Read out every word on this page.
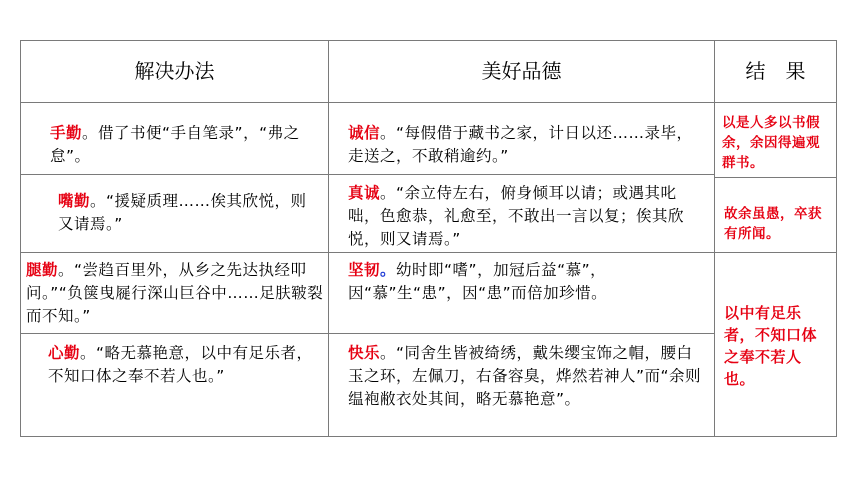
解决办法	美好品德	结　果
手勤。借了书便“手自笔录”，“弗之怠”。
诚信。“每假借于藏书之家，计日以还……录毕，走送之，不敢稍逾约。”
以是人多以书假余，余因得遍观群书。
嘴勤。“援疑质理……俟其欣悦，则又请焉。”
真诚。“余立侍左右，俯身倾耳以请；或遇其叱咄，色愈恭，礼愈至，不敢出一言以复；俟其欣悦，则又请焉。”
故余虽愚，卒获有所闻。
腿勤。“尝趋百里外，从乡之先达执经叩问。”“负箧曳屣行深山巨谷中……足肤皲裂而不知。”
坚韧。幼时即“嗜”，加冠后益“慕”，因“慕”生“患”，因“患”而倍加珍惜。
以中有足乐者，不知口体之奉不若人也。
心勤。“略无慕艳意，以中有足乐者，不知口体之奉不若人也。”
快乐。“同舍生皆被绮绣，戴朱缨宝饰之帽，腰白玉之环，左佩刀，右备容臭，烨然若神人”而“余则缊袍敝衣处其间，略无慕艳意”。
